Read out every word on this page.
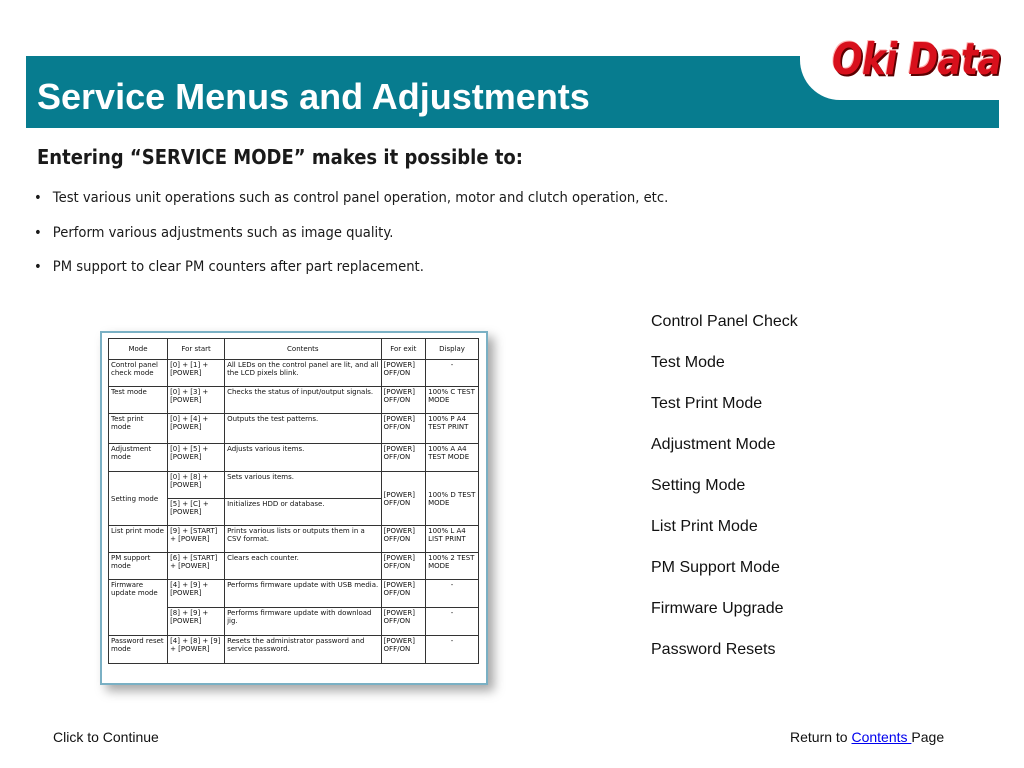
Oki Data
Service Menus and Adjustments
Entering “SERVICE MODE” makes it possible to:
• Test various unit operations such as control panel operation, motor and clutch operation, etc.
• Perform various adjustments such as image quality.
• PM support to clear PM counters after part replacement.
Mode	For start	Contents	For exit	Display
Control panel check mode	[0] + [1] + [POWER]	All LEDs on the control panel are lit, and all the LCD pixels blink.	[POWER] OFF/ON	-
Test mode	[0] + [3] + [POWER]	Checks the status of input/output signals.	[POWER] OFF/ON	100% C TEST MODE
Test print mode	[0] + [4] + [POWER]	Outputs the test patterns.	[POWER] OFF/ON	100% P A4 TEST PRINT
Adjustment mode	[0] + [5] + [POWER]	Adjusts various items.	[POWER] OFF/ON	100% A A4 TEST MODE
Setting mode	[0] + [8] + [POWER]	Sets various items.	[POWER] OFF/ON	100% D TEST MODE
	[5] + [C] + [POWER]	Initializes HDD or database.		
List print mode	[9] + [START] + [POWER]	Prints various lists or outputs them in a CSV format.	[POWER] OFF/ON	100% L A4 LIST PRINT
PM support mode	[6] + [START] + [POWER]	Clears each counter.	[POWER] OFF/ON	100% 2 TEST MODE
Firmware update mode	[4] + [9] + [POWER]	Performs firmware update with USB media.	[POWER] OFF/ON	-
	[8] + [9] + [POWER]	Performs firmware update with download jig.	[POWER] OFF/ON	-
Password reset mode	[4] + [8] + [9] + [POWER]	Resets the administrator password and service password.	[POWER] OFF/ON	-
Control Panel Check
Test Mode
Test Print Mode
Adjustment Mode
Setting Mode
List Print Mode
PM Support Mode
Firmware Upgrade
Password Resets
Click to Continue	Return to Contents Page
